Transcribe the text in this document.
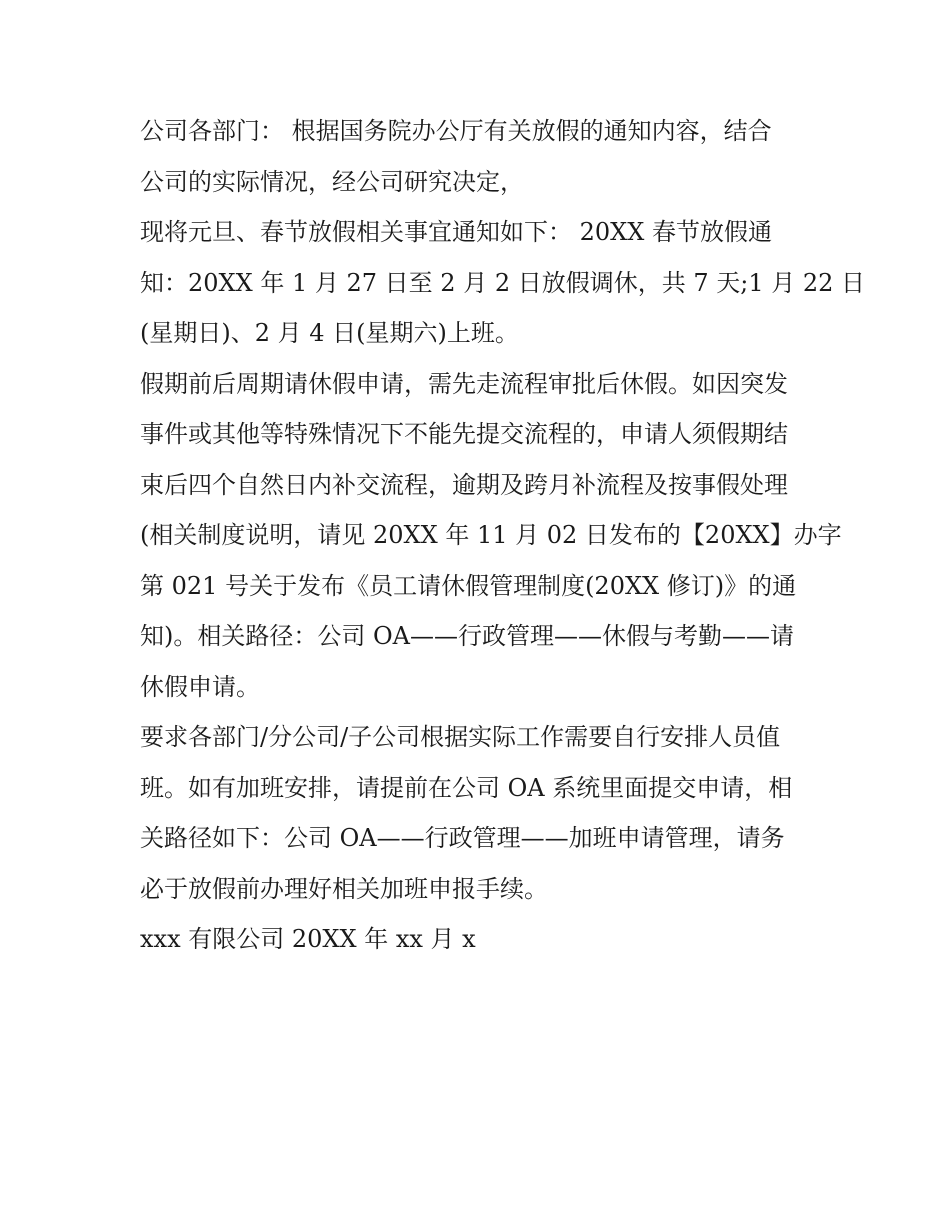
公司各部门： 根据国务院办公厅有关放假的通知内容，结合
公司的实际情况，经公司研究决定，
现将元旦、春节放假相关事宜通知如下： 20XX 春节放假通
知：20XX 年 1 月 27 日至 2 月 2 日放假调休，共 7 天;1 月 22 日
(星期日)、2 月 4 日(星期六)上班。
假期前后周期请休假申请，需先走流程审批后休假。如因突发
事件或其他等特殊情况下不能先提交流程的，申请人须假期结
束后四个自然日内补交流程，逾期及跨月补流程及按事假处理
(相关制度说明，请见 20XX 年 11 月 02 日发布的【20XX】办字
第 021 号关于发布《员工请休假管理制度(20XX 修订)》的通
知)。相关路径：公司 OA——行政管理——休假与考勤——请
休假申请。
要求各部门/分公司/子公司根据实际工作需要自行安排人员值
班。如有加班安排，请提前在公司 OA 系统里面提交申请，相
关路径如下：公司 OA——行政管理——加班申请管理，请务
必于放假前办理好相关加班申报手续。
xxx 有限公司 20XX 年 xx 月 x
